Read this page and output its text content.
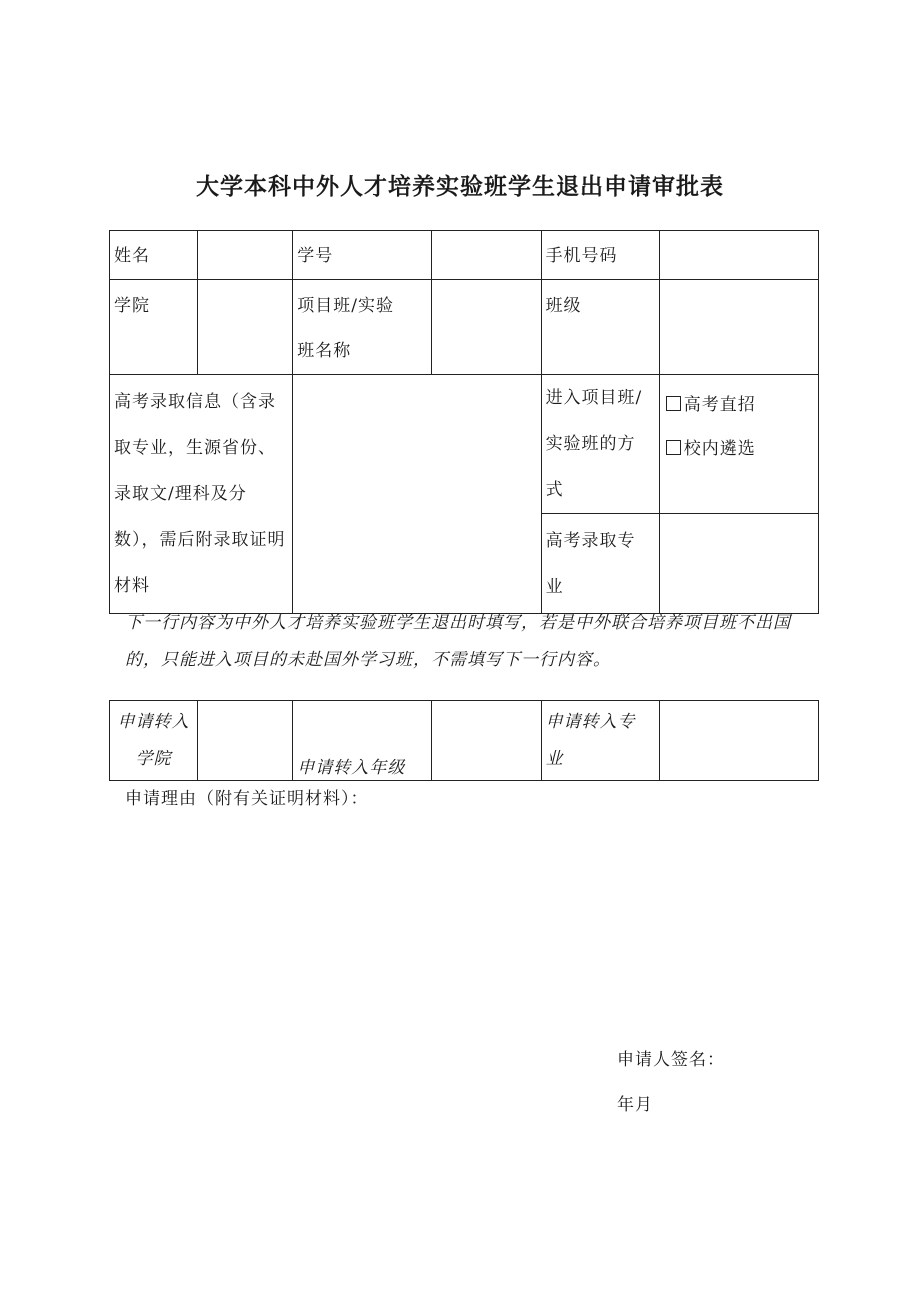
大学本科中外人才培养实验班学生退出申请审批表
姓名		学号		手机号码	
学院		项目班/实验班名称		班级	
高考录取信息（含录取专业，生源省份、录取文/理科及分数），需后附录取证明材料				进入项目班/实验班的方式	高考直招
校内遴选

				高考录取专业	
下一行内容为中外人才培养实验班学生退出时填写，若是中外联合培养项目班不出国的，只能进入项目的未赴国外学习班，不需填写下一行内容。
申请转入学院		申请转入年级		申请转入专业	
申请理由（附有关证明材料）：
申请人签名：
年月
